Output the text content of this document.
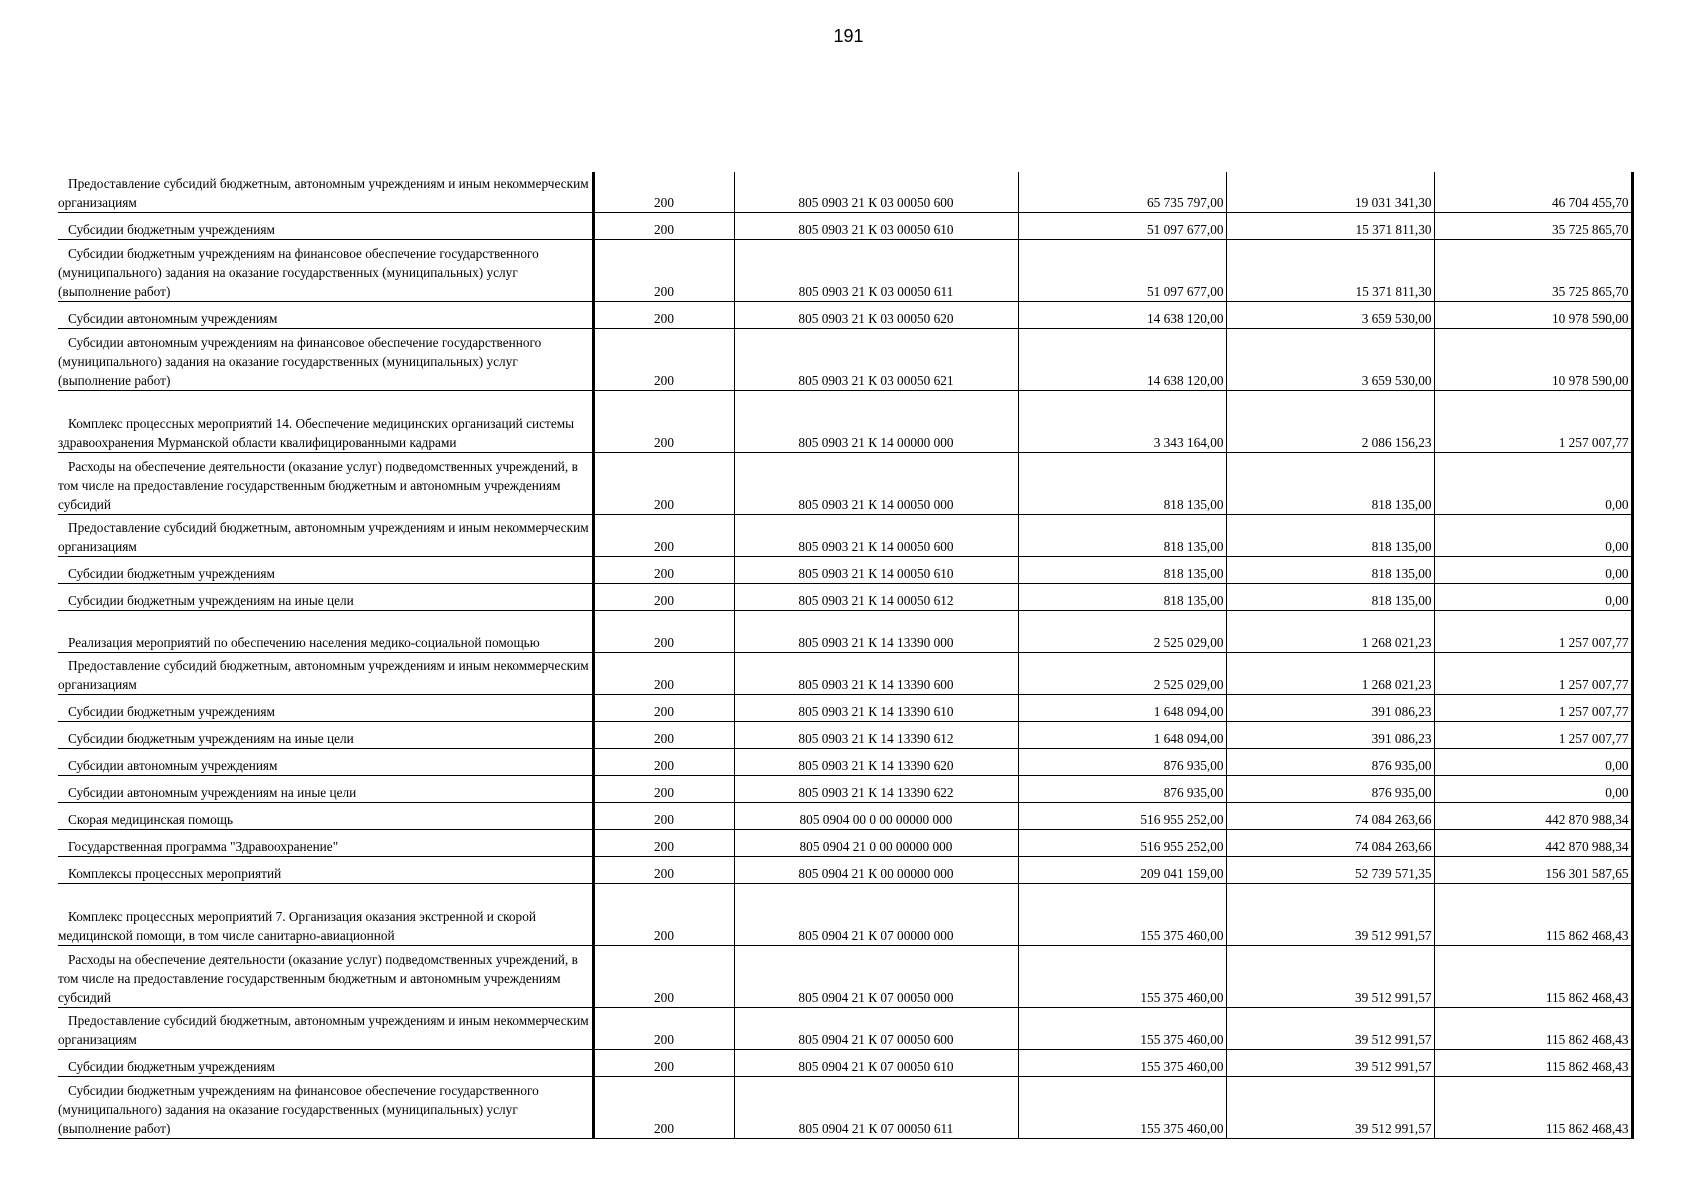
191
Предоставление субсидий бюджетным, автономным учреждениям и иным некоммерческим организациям	200	805 0903 21 К 03 00050 600	65 735 797,00	19 031 341,30	46 704 455,70
Субсидии бюджетным учреждениям	200	805 0903 21 К 03 00050 610	51 097 677,00	15 371 811,30	35 725 865,70
Субсидии бюджетным учреждениям на финансовое обеспечение государственного (муниципального) задания на оказание государственных (муниципальных) услуг (выполнение работ)	200	805 0903 21 К 03 00050 611	51 097 677,00	15 371 811,30	35 725 865,70
Субсидии автономным учреждениям	200	805 0903 21 К 03 00050 620	14 638 120,00	3 659 530,00	10 978 590,00
Субсидии автономным учреждениям на финансовое обеспечение государственного (муниципального) задания на оказание государственных (муниципальных) услуг (выполнение работ)	200	805 0903 21 К 03 00050 621	14 638 120,00	3 659 530,00	10 978 590,00
Комплекс процессных мероприятий 14. Обеспечение медицинских организаций системы здравоохранения Мурманской области квалифицированными кадрами	200	805 0903 21 К 14 00000 000	3 343 164,00	2 086 156,23	1 257 007,77
Расходы на обеспечение деятельности (оказание услуг) подведомственных учреждений, в том числе на предоставление государственным бюджетным и автономным учреждениям субсидий	200	805 0903 21 К 14 00050 000	818 135,00	818 135,00	0,00
Предоставление субсидий бюджетным, автономным учреждениям и иным некоммерческим организациям	200	805 0903 21 К 14 00050 600	818 135,00	818 135,00	0,00
Субсидии бюджетным учреждениям	200	805 0903 21 К 14 00050 610	818 135,00	818 135,00	0,00
Субсидии бюджетным учреждениям на иные цели	200	805 0903 21 К 14 00050 612	818 135,00	818 135,00	0,00
Реализация мероприятий по обеспечению населения медико-социальной помощью	200	805 0903 21 К 14 13390 000	2 525 029,00	1 268 021,23	1 257 007,77
Предоставление субсидий бюджетным, автономным учреждениям и иным некоммерческим организациям	200	805 0903 21 К 14 13390 600	2 525 029,00	1 268 021,23	1 257 007,77
Субсидии бюджетным учреждениям	200	805 0903 21 К 14 13390 610	1 648 094,00	391 086,23	1 257 007,77
Субсидии бюджетным учреждениям на иные цели	200	805 0903 21 К 14 13390 612	1 648 094,00	391 086,23	1 257 007,77
Субсидии автономным учреждениям	200	805 0903 21 К 14 13390 620	876 935,00	876 935,00	0,00
Субсидии автономным учреждениям на иные цели	200	805 0903 21 К 14 13390 622	876 935,00	876 935,00	0,00
Скорая медицинская помощь	200	805 0904 00 0 00 00000 000	516 955 252,00	74 084 263,66	442 870 988,34
Государственная программа "Здравоохранение"	200	805 0904 21 0 00 00000 000	516 955 252,00	74 084 263,66	442 870 988,34
Комплексы процессных мероприятий	200	805 0904 21 К 00 00000 000	209 041 159,00	52 739 571,35	156 301 587,65
Комплекс процессных мероприятий 7. Организация оказания экстренной и скорой медицинской помощи, в том числе санитарно-авиационной	200	805 0904 21 К 07 00000 000	155 375 460,00	39 512 991,57	115 862 468,43
Расходы на обеспечение деятельности (оказание услуг) подведомственных учреждений, в том числе на предоставление государственным бюджетным и автономным учреждениям субсидий	200	805 0904 21 К 07 00050 000	155 375 460,00	39 512 991,57	115 862 468,43
Предоставление субсидий бюджетным, автономным учреждениям и иным некоммерческим организациям	200	805 0904 21 К 07 00050 600	155 375 460,00	39 512 991,57	115 862 468,43
Субсидии бюджетным учреждениям	200	805 0904 21 К 07 00050 610	155 375 460,00	39 512 991,57	115 862 468,43
Субсидии бюджетным учреждениям на финансовое обеспечение государственного (муниципального) задания на оказание государственных (муниципальных) услуг (выполнение работ)	200	805 0904 21 К 07 00050 611	155 375 460,00	39 512 991,57	115 862 468,43
